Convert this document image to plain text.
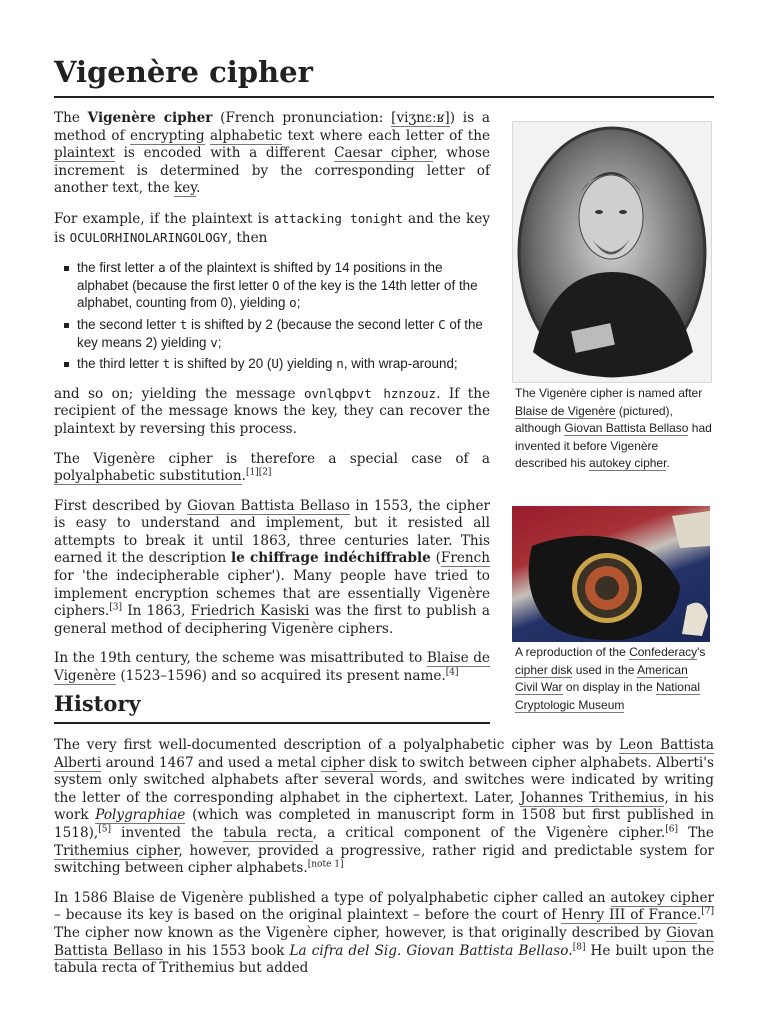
Vigenère cipher

The Vigenère cipher (French pronunciation: [viʒnɛːʁ]) is a method of encrypting alphabetic text where each letter of the plaintext is encoded with a different Caesar cipher, whose increment is determined by the corresponding letter of another text, the key.

For example, if the plaintext is attacking tonight and the key is OCULORHINOLARINGOLOGY, then

the first letter a of the plaintext is shifted by 14 positions in the alphabet (because the first letter O of the key is the 14th letter of the alphabet, counting from 0), yielding o;
the second letter t is shifted by 2 (because the second letter C of the key means 2) yielding v;
the third letter t is shifted by 20 (U) yielding n, with wrap-around;

and so on; yielding the message ovnlqbpvt hznzouz. If the recipient of the message knows the key, they can recover the plaintext by reversing this process.

The Vigenère cipher is therefore a special case of a polyalphabetic substitution.[1][2]

First described by Giovan Battista Bellaso in 1553, the cipher is easy to understand and implement, but it resisted all attempts to break it until 1863, three centuries later. This earned it the description le chiffrage indéchiffrable (French for 'the indecipherable cipher'). Many people have tried to implement encryption schemes that are essentially Vigenère ciphers.[3] In 1863, Friedrich Kasiski was the first to publish a general method of deciphering Vigenère ciphers.

In the 19th century, the scheme was misattributed to Blaise de Vigenère (1523–1596) and so acquired its present name.[4]

History

The very first well-documented description of a polyalphabetic cipher was by Leon Battista Alberti around 1467 and used a metal cipher disk to switch between cipher alphabets. Alberti's system only switched alphabets after several words, and switches were indicated by writing the letter of the corresponding alphabet in the ciphertext. Later, Johannes Trithemius, in his work Polygraphiae (which was completed in manuscript form in 1508 but first published in 1518),[5] invented the tabula recta, a critical component of the Vigenère cipher.[6] The Trithemius cipher, however, provided a progressive, rather rigid and predictable system for switching between cipher alphabets.[note 1]

In 1586 Blaise de Vigenère published a type of polyalphabetic cipher called an autokey cipher – because its key is based on the original plaintext – before the court of Henry III of France.[7] The cipher now known as the Vigenère cipher, however, is that originally described by Giovan Battista Bellaso in his 1553 book La cifra del Sig. Giovan Battista Bellaso.[8] He built upon the tabula recta of Trithemius but added

The Vigenère cipher is named after Blaise de Vigenère (pictured), although Giovan Battista Bellaso had invented it before Vigenère described his autokey cipher.
A reproduction of the Confederacy's cipher disk used in the American Civil War on display in the National Cryptologic Museum
